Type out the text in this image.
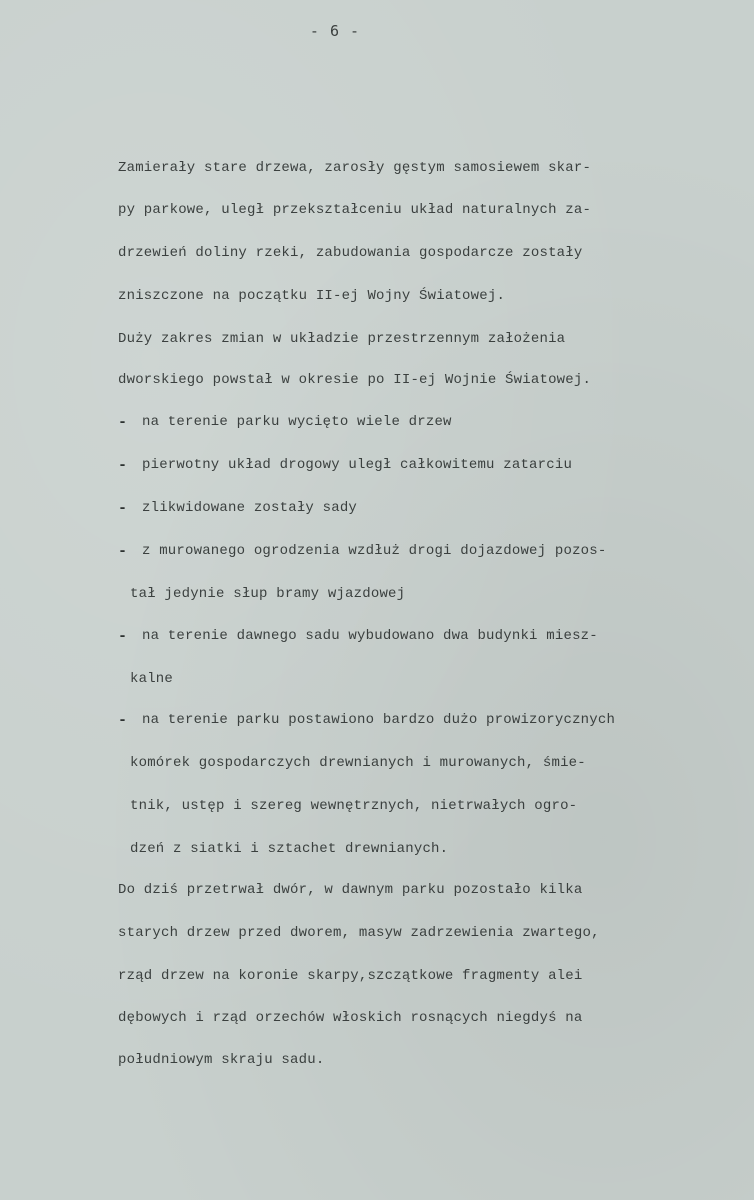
- 6 -
Zamierały stare drzewa, zarosły gęstym samosiewem skar-
py parkowe, uległ przekształceniu układ naturalnych za-
drzewień doliny rzeki, zabudowania gospodarcze zostały
zniszczone na początku II-ej Wojny Światowej.
Duży zakres zmian w układzie przestrzennym założenia
dworskiego powstał w okresie po II-ej Wojnie Światowej.
- na terenie parku wycięto wiele drzew
- pierwotny układ drogowy uległ całkowitemu zatarciu
- zlikwidowane zostały sady
- z murowanego ogrodzenia wzdłuż drogi dojazdowej pozos-
tał jedynie słup bramy wjazdowej
- na terenie dawnego sadu wybudowano dwa budynki miesz-
kalne
- na terenie parku postawiono bardzo dużo prowizorycznych
komórek gospodarczych drewnianych i murowanych, śmie-
tnik, ustęp i szereg wewnętrznych, nietrwałych ogro-
dzeń z siatki i sztachet drewnianych.
Do dziś przetrwał dwór, w dawnym parku pozostało kilka
starych drzew przed dworem, masyw zadrzewienia zwartego,
rząd drzew na koronie skarpy,szczątkowe fragmenty alei
dębowych i rząd orzechów włoskich rosnących niegdyś na
południowym skraju sadu.
